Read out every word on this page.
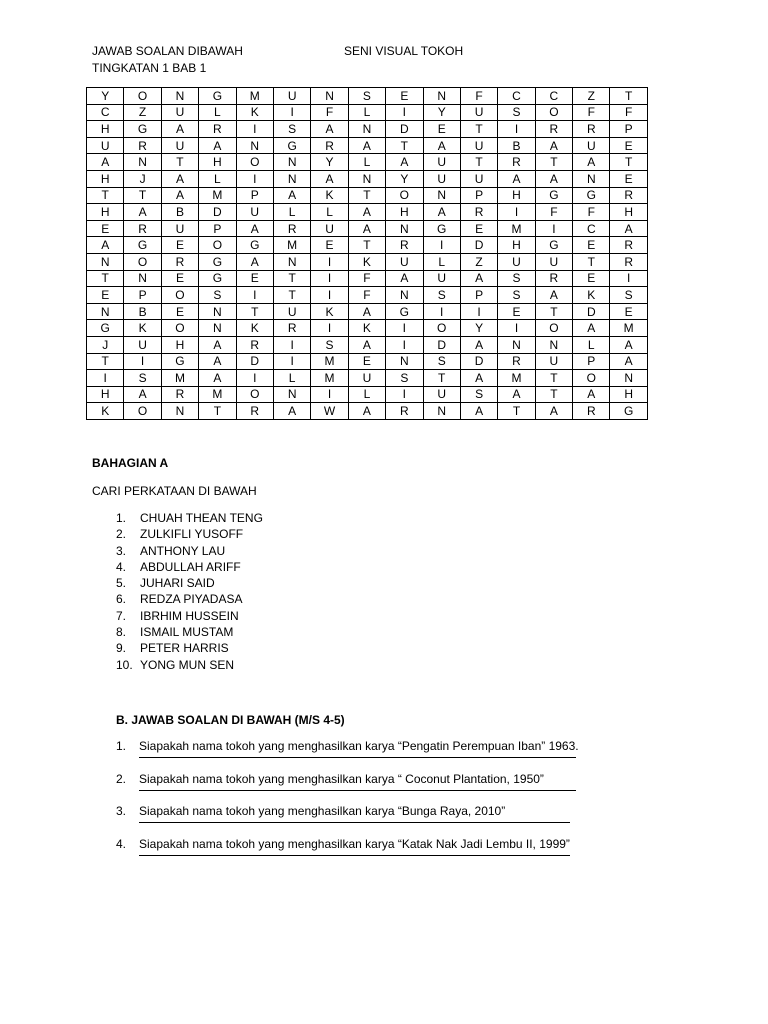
JAWAB SOALAN DIBAWAH	SENI VISUAL TOKOH
TINGKATAN 1 BAB 1
Y	O	N	G	M	U	N	S	E	N	F	C	C	Z	T
C	Z	U	L	K	I	F	L	I	Y	U	S	O	F	F
H	G	A	R	I	S	A	N	D	E	T	I	R	R	P
U	R	U	A	N	G	R	A	T	A	U	B	A	U	E
A	N	T	H	O	N	Y	L	A	U	T	R	T	A	T
H	J	A	L	I	N	A	N	Y	U	U	A	A	N	E
T	T	A	M	P	A	K	T	O	N	P	H	G	G	R
H	A	B	D	U	L	L	A	H	A	R	I	F	F	H
E	R	U	P	A	R	U	A	N	G	E	M	I	C	A
A	G	E	O	G	M	E	T	R	I	D	H	G	E	R
N	O	R	G	A	N	I	K	U	L	Z	U	U	T	R
T	N	E	G	E	T	I	F	A	U	A	S	R	E	I
E	P	O	S	I	T	I	F	N	S	P	S	A	K	S
N	B	E	N	T	U	K	A	G	I	I	E	T	D	E
G	K	O	N	K	R	I	K	I	O	Y	I	O	A	M
J	U	H	A	R	I	S	A	I	D	A	N	N	L	A
T	I	G	A	D	I	M	E	N	S	D	R	U	P	A
I	S	M	A	I	L	M	U	S	T	A	M	T	O	N
H	A	R	M	O	N	I	L	I	U	S	A	T	A	H
K	O	N	T	R	A	W	A	R	N	A	T	A	R	G
BAHAGIAN A
CARI PERKATAAN DI BAWAH
1. CHUAH THEAN TENG
2. ZULKIFLI YUSOFF
3. ANTHONY LAU
4. ABDULLAH ARIFF
5. JUHARI SAID
6. REDZA PIYADASA
7. IBRHIM HUSSEIN
8. ISMAIL MUSTAM
9. PETER HARRIS
10. YONG MUN SEN
B. JAWAB SOALAN DI BAWAH (M/S 4-5)
1. Siapakah nama tokoh yang menghasilkan karya “Pengatin Perempuan Iban” 1963.
2. Siapakah nama tokoh yang menghasilkan karya “ Coconut Plantation, 1950”
3. Siapakah nama tokoh yang menghasilkan karya “Bunga Raya, 2010”
4. Siapakah nama tokoh yang menghasilkan karya “Katak Nak Jadi Lembu II, 1999”
